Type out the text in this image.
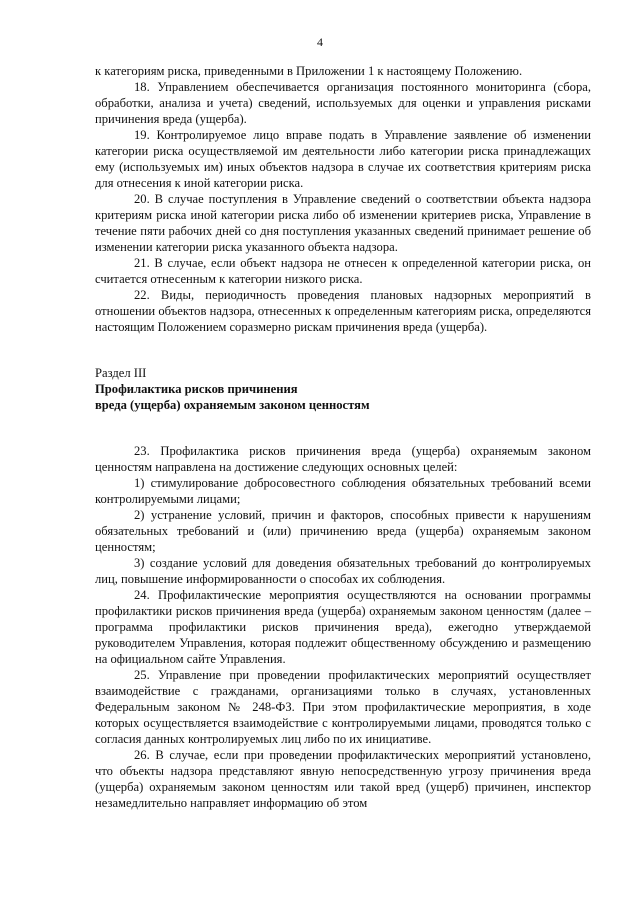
4

к категориям риска, приведенными в Приложении 1 к настоящему Положению.

18. Управлением обеспечивается организация постоянного мониторинга (сбора, обработки, анализа и учета) сведений, используемых для оценки и управления рисками причинения вреда (ущерба).

19. Контролируемое лицо вправе подать в Управление заявление об изменении категории риска осуществляемой им деятельности либо категории риска принадлежащих ему (используемых им) иных объектов надзора в случае их соответствия критериям риска для отнесения к иной категории риска.

20. В случае поступления в Управление сведений о соответствии объекта надзора критериям риска иной категории риска либо об изменении критериев риска, Управление в течение пяти рабочих дней со дня поступления указанных сведений принимает решение об изменении категории риска указанного объекта надзора.

21. В случае, если объект надзора не отнесен к определенной категории риска, он считается отнесенным к категории низкого риска.

22. Виды, периодичность проведения плановых надзорных мероприятий в отношении объектов надзора, отнесенных к определенным категориям риска, определяются настоящим Положением соразмерно рискам причинения вреда (ущерба).

Раздел III

Профилактика рисков причинения

вреда (ущерба) охраняемым законом ценностям

23. Профилактика рисков причинения вреда (ущерба) охраняемым законом ценностям направлена на достижение следующих основных целей:

1) стимулирование добросовестного соблюдения обязательных требований всеми контролируемыми лицами;

2) устранение условий, причин и факторов, способных привести к нарушениям обязательных требований и (или) причинению вреда (ущерба) охраняемым законом ценностям;

3) создание условий для доведения обязательных требований до контролируемых лиц, повышение информированности о способах их соблюдения.

24. Профилактические мероприятия осуществляются на основании программы профилактики рисков причинения вреда (ущерба) охраняемым законом ценностям (далее – программа профилактики рисков причинения вреда), ежегодно утверждаемой руководителем Управления, которая подлежит общественному обсуждению и размещению на официальном сайте Управления.

25. Управление при проведении профилактических мероприятий осуществляет взаимодействие с гражданами, организациями только в случаях, установленных Федеральным законом № 248-ФЗ. При этом профилактические мероприятия, в ходе которых осуществляется взаимодействие с контролируемыми лицами, проводятся только с согласия данных контролируемых лиц либо по их инициативе.

26. В случае, если при проведении профилактических мероприятий установлено, что объекты надзора представляют явную непосредственную угрозу причинения вреда (ущерба) охраняемым законом ценностям или такой вред (ущерб) причинен, инспектор незамедлительно направляет информацию об этом
